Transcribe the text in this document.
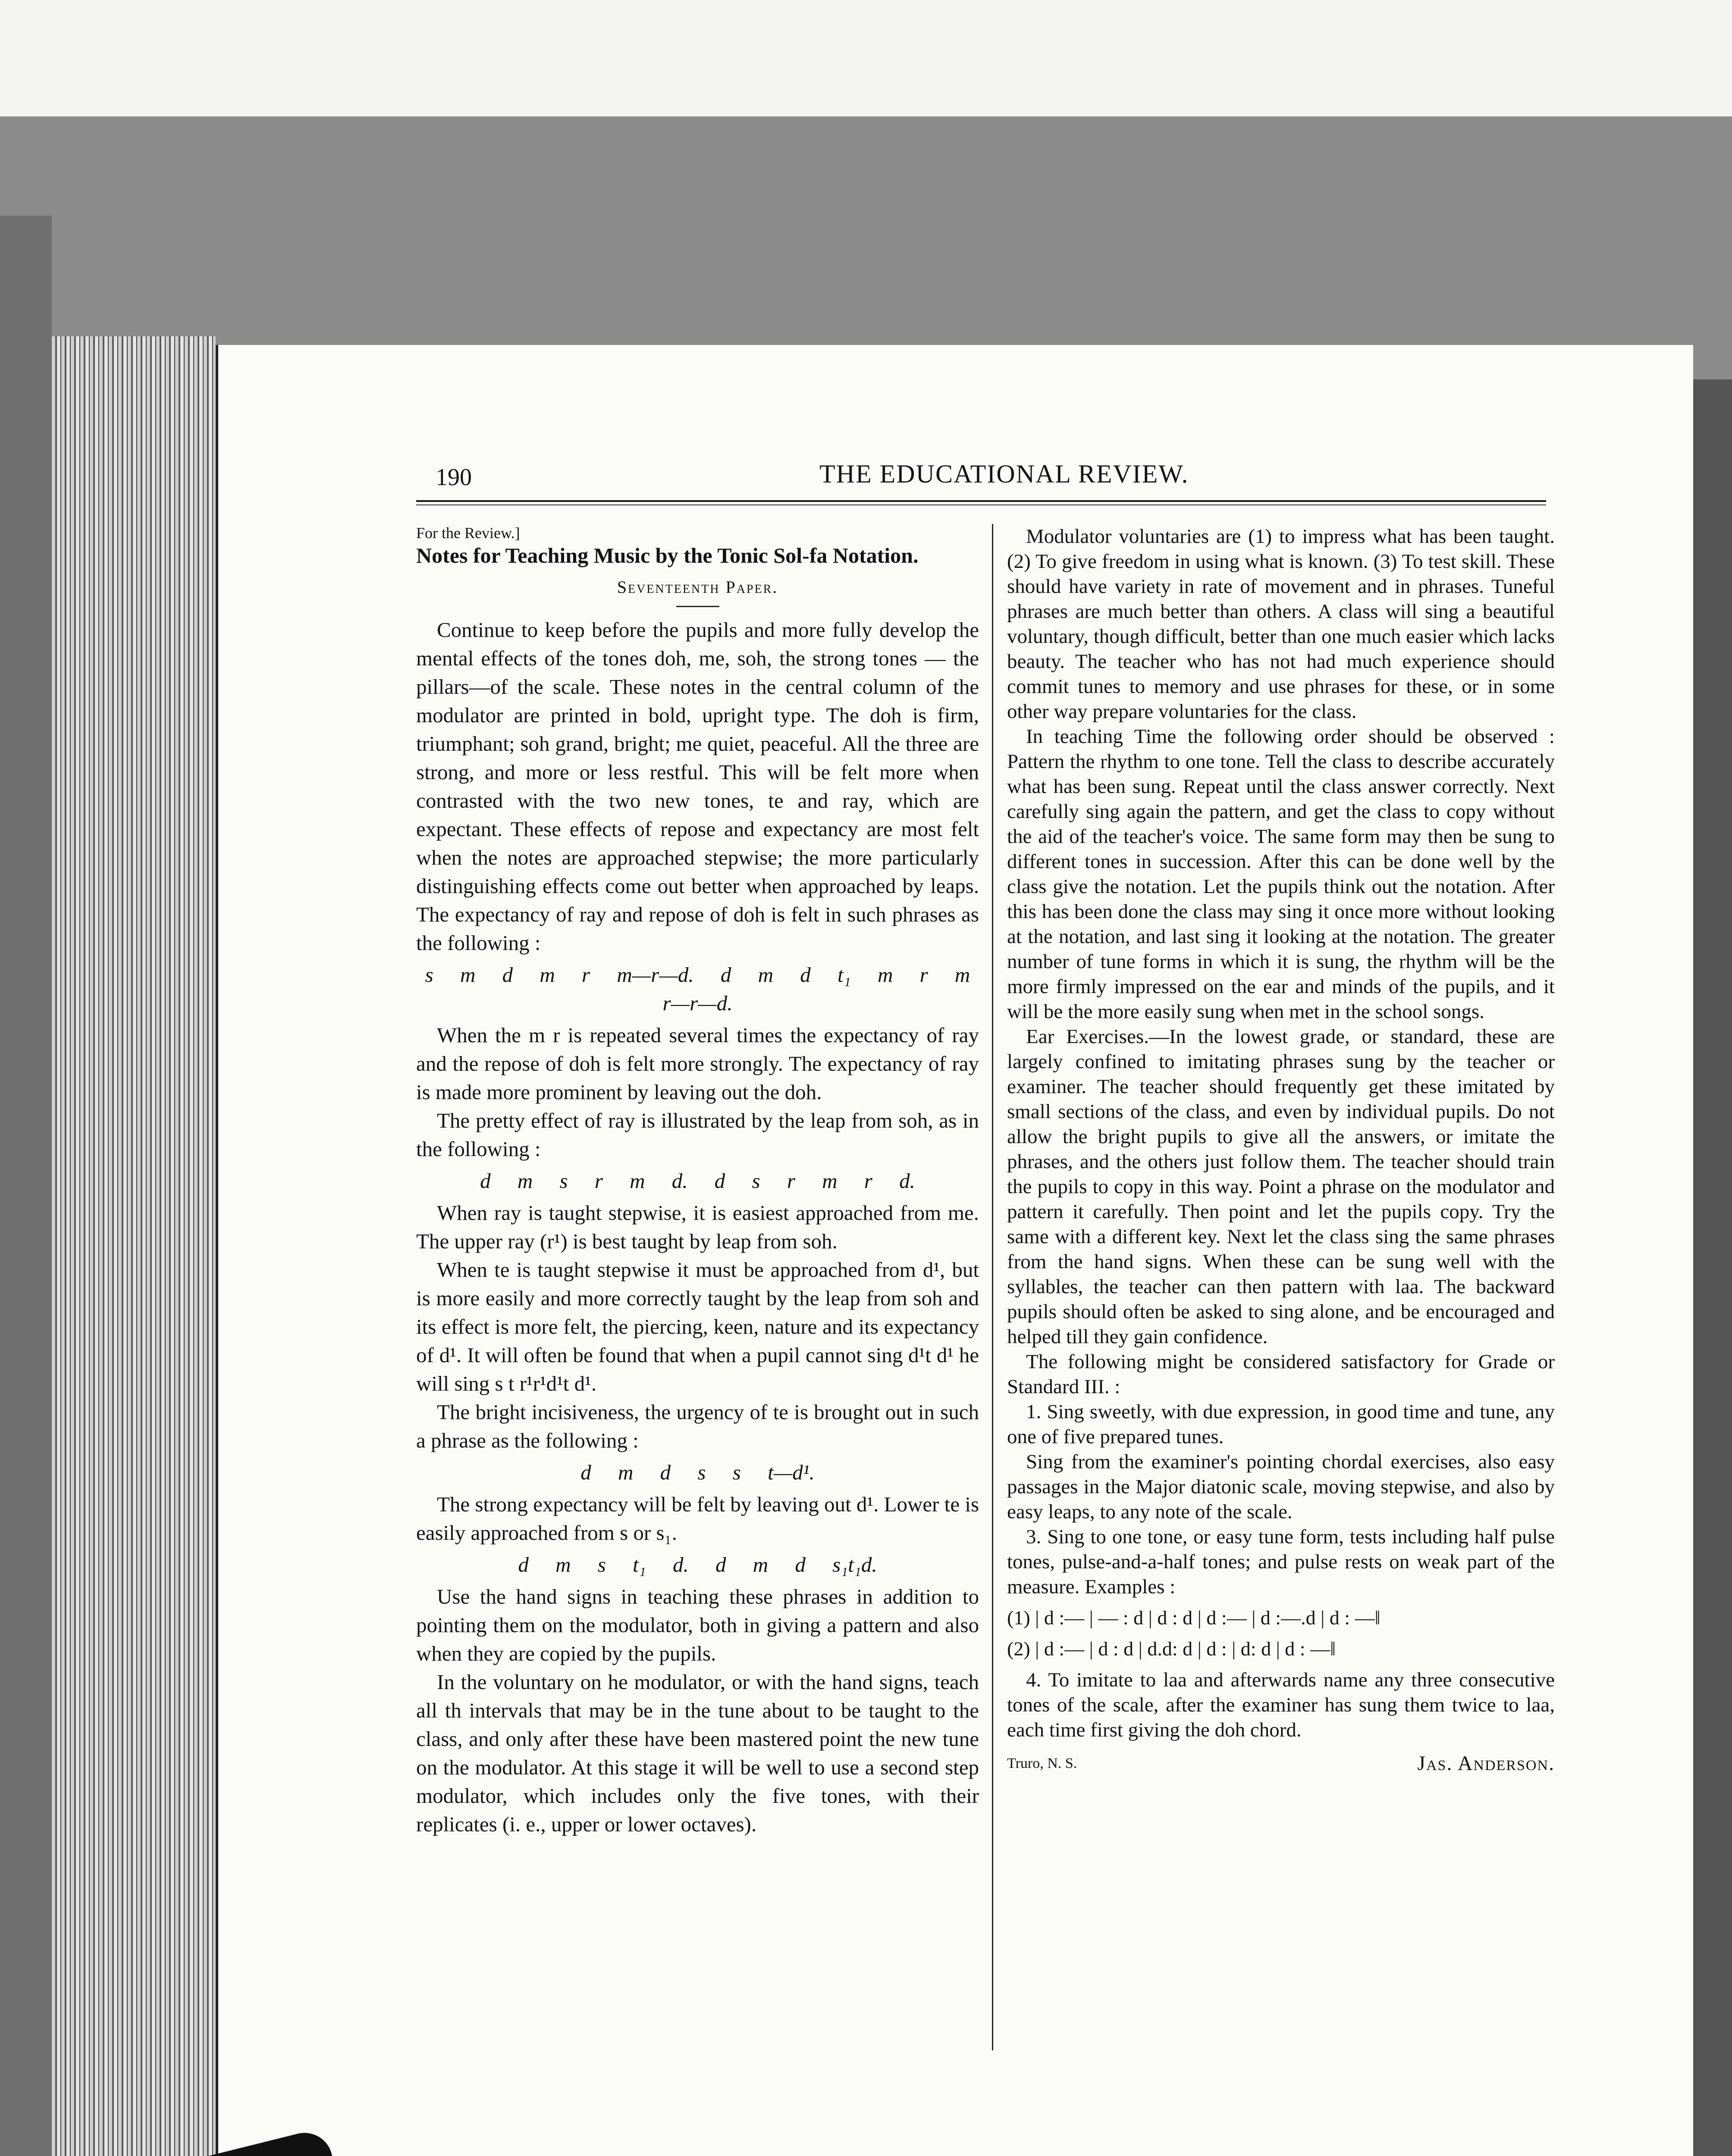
190	THE EDUCATIONAL REVIEW.
For the Review.]
Notes for Teaching Music by the Tonic Sol-fa Notation.
Seventeenth Paper.

Continue to keep before the pupils and more fully develop the mental effects of the tones doh, me, soh, the strong tones — the pillars—of the scale. These notes in the central column of the modulator are printed in bold, upright type. The doh is firm, triumphant; soh grand, bright; me quiet, peaceful. All the three are strong, and more or less restful. This will be felt more when contrasted with the two new tones, te and ray, which are expectant. These effects of repose and expectancy are most felt when the notes are approached stepwise; the more particularly distinguishing effects come out better when approached by leaps. The expectancy of ray and repose of doh is felt in such phrases as the following :

s m d m r m—r—d. d m d t₁ m r m r—r—d.

When the m r is repeated several times the expectancy of ray and the repose of doh is felt more strongly. The expectancy of ray is made more prominent by leaving out the doh.

The pretty effect of ray is illustrated by the leap from soh, as in the following :

d m s r m d. d s r m r d.

When ray is taught stepwise, it is easiest approached from me. The upper ray (r¹) is best taught by leap from soh.

When te is taught stepwise it must be approached from d¹, but is more easily and more correctly taught by the leap from soh and its effect is more felt, the piercing, keen, nature and its expectancy of d¹. It will often be found that when a pupil cannot sing d¹t d¹ he will sing s t r¹r¹d¹t d¹.

The bright incisiveness, the urgency of te is brought out in such a phrase as the following :

d m d s s t—d¹.

The strong expectancy will be felt by leaving out d¹. Lower te is easily approached from s or s₁.

d m s t₁ d. d m d s₁t₁d.

Use the hand signs in teaching these phrases in addition to pointing them on the modulator, both in giving a pattern and also when they are copied by the pupils.

In the voluntary on he modulator, or with the hand signs, teach all th intervals that may be in the tune about to be taught to the class, and only after these have been mastered point the new tune on the modulator. At this stage it will be well to use a second step modulator, which includes only the five tones, with their replicates (i. e., upper or lower octaves).

Modulator voluntaries are (1) to impress what has been taught. (2) To give freedom in using what is known. (3) To test skill. These should have variety in rate of movement and in phrases. Tuneful phrases are much better than others. A class will sing a beautiful voluntary, though difficult, better than one much easier which lacks beauty. The teacher who has not had much experience should commit tunes to memory and use phrases for these, or in some other way prepare voluntaries for the class.

In teaching Time the following order should be observed : Pattern the rhythm to one tone. Tell the class to describe accurately what has been sung. Repeat until the class answer correctly. Next carefully sing again the pattern, and get the class to copy without the aid of the teacher's voice. The same form may then be sung to different tones in succession. After this can be done well by the class give the notation. Let the pupils think out the notation. After this has been done the class may sing it once more without looking at the notation, and last sing it looking at the notation. The greater number of tune forms in which it is sung, the rhythm will be the more firmly impressed on the ear and minds of the pupils, and it will be the more easily sung when met in the school songs.

Ear Exercises.—In the lowest grade, or standard, these are largely confined to imitating phrases sung by the teacher or examiner. The teacher should frequently get these imitated by small sections of the class, and even by individual pupils. Do not allow the bright pupils to give all the answers, or imitate the phrases, and the others just follow them. The teacher should train the pupils to copy in this way. Point a phrase on the modulator and pattern it carefully. Then point and let the pupils copy. Try the same with a different key. Next let the class sing the same phrases from the hand signs. When these can be sung well with the syllables, the teacher can then pattern with laa. The backward pupils should often be asked to sing alone, and be encouraged and helped till they gain confidence.

The following might be considered satisfactory for Grade or Standard III. :

1. Sing sweetly, with due expression, in good time and tune, any one of five prepared tunes.

Sing from the examiner's pointing chordal exercises, also easy passages in the Major diatonic scale, moving stepwise, and also by easy leaps, to any note of the scale.

3. Sing to one tone, or easy tune form, tests including half pulse tones, pulse-and-a-half tones; and pulse rests on weak part of the measure. Examples :

(1) | d :— | — : d | d : d | d :— | d :—.d | d : —‖
(2) | d :— | d : d | d.d: d | d : | d: d | d : —‖

4. To imitate to laa and afterwards name any three consecutive tones of the scale, after the examiner has sung them twice to laa, each time first giving the doh chord.

Truro, N. S.	Jas. Anderson.
